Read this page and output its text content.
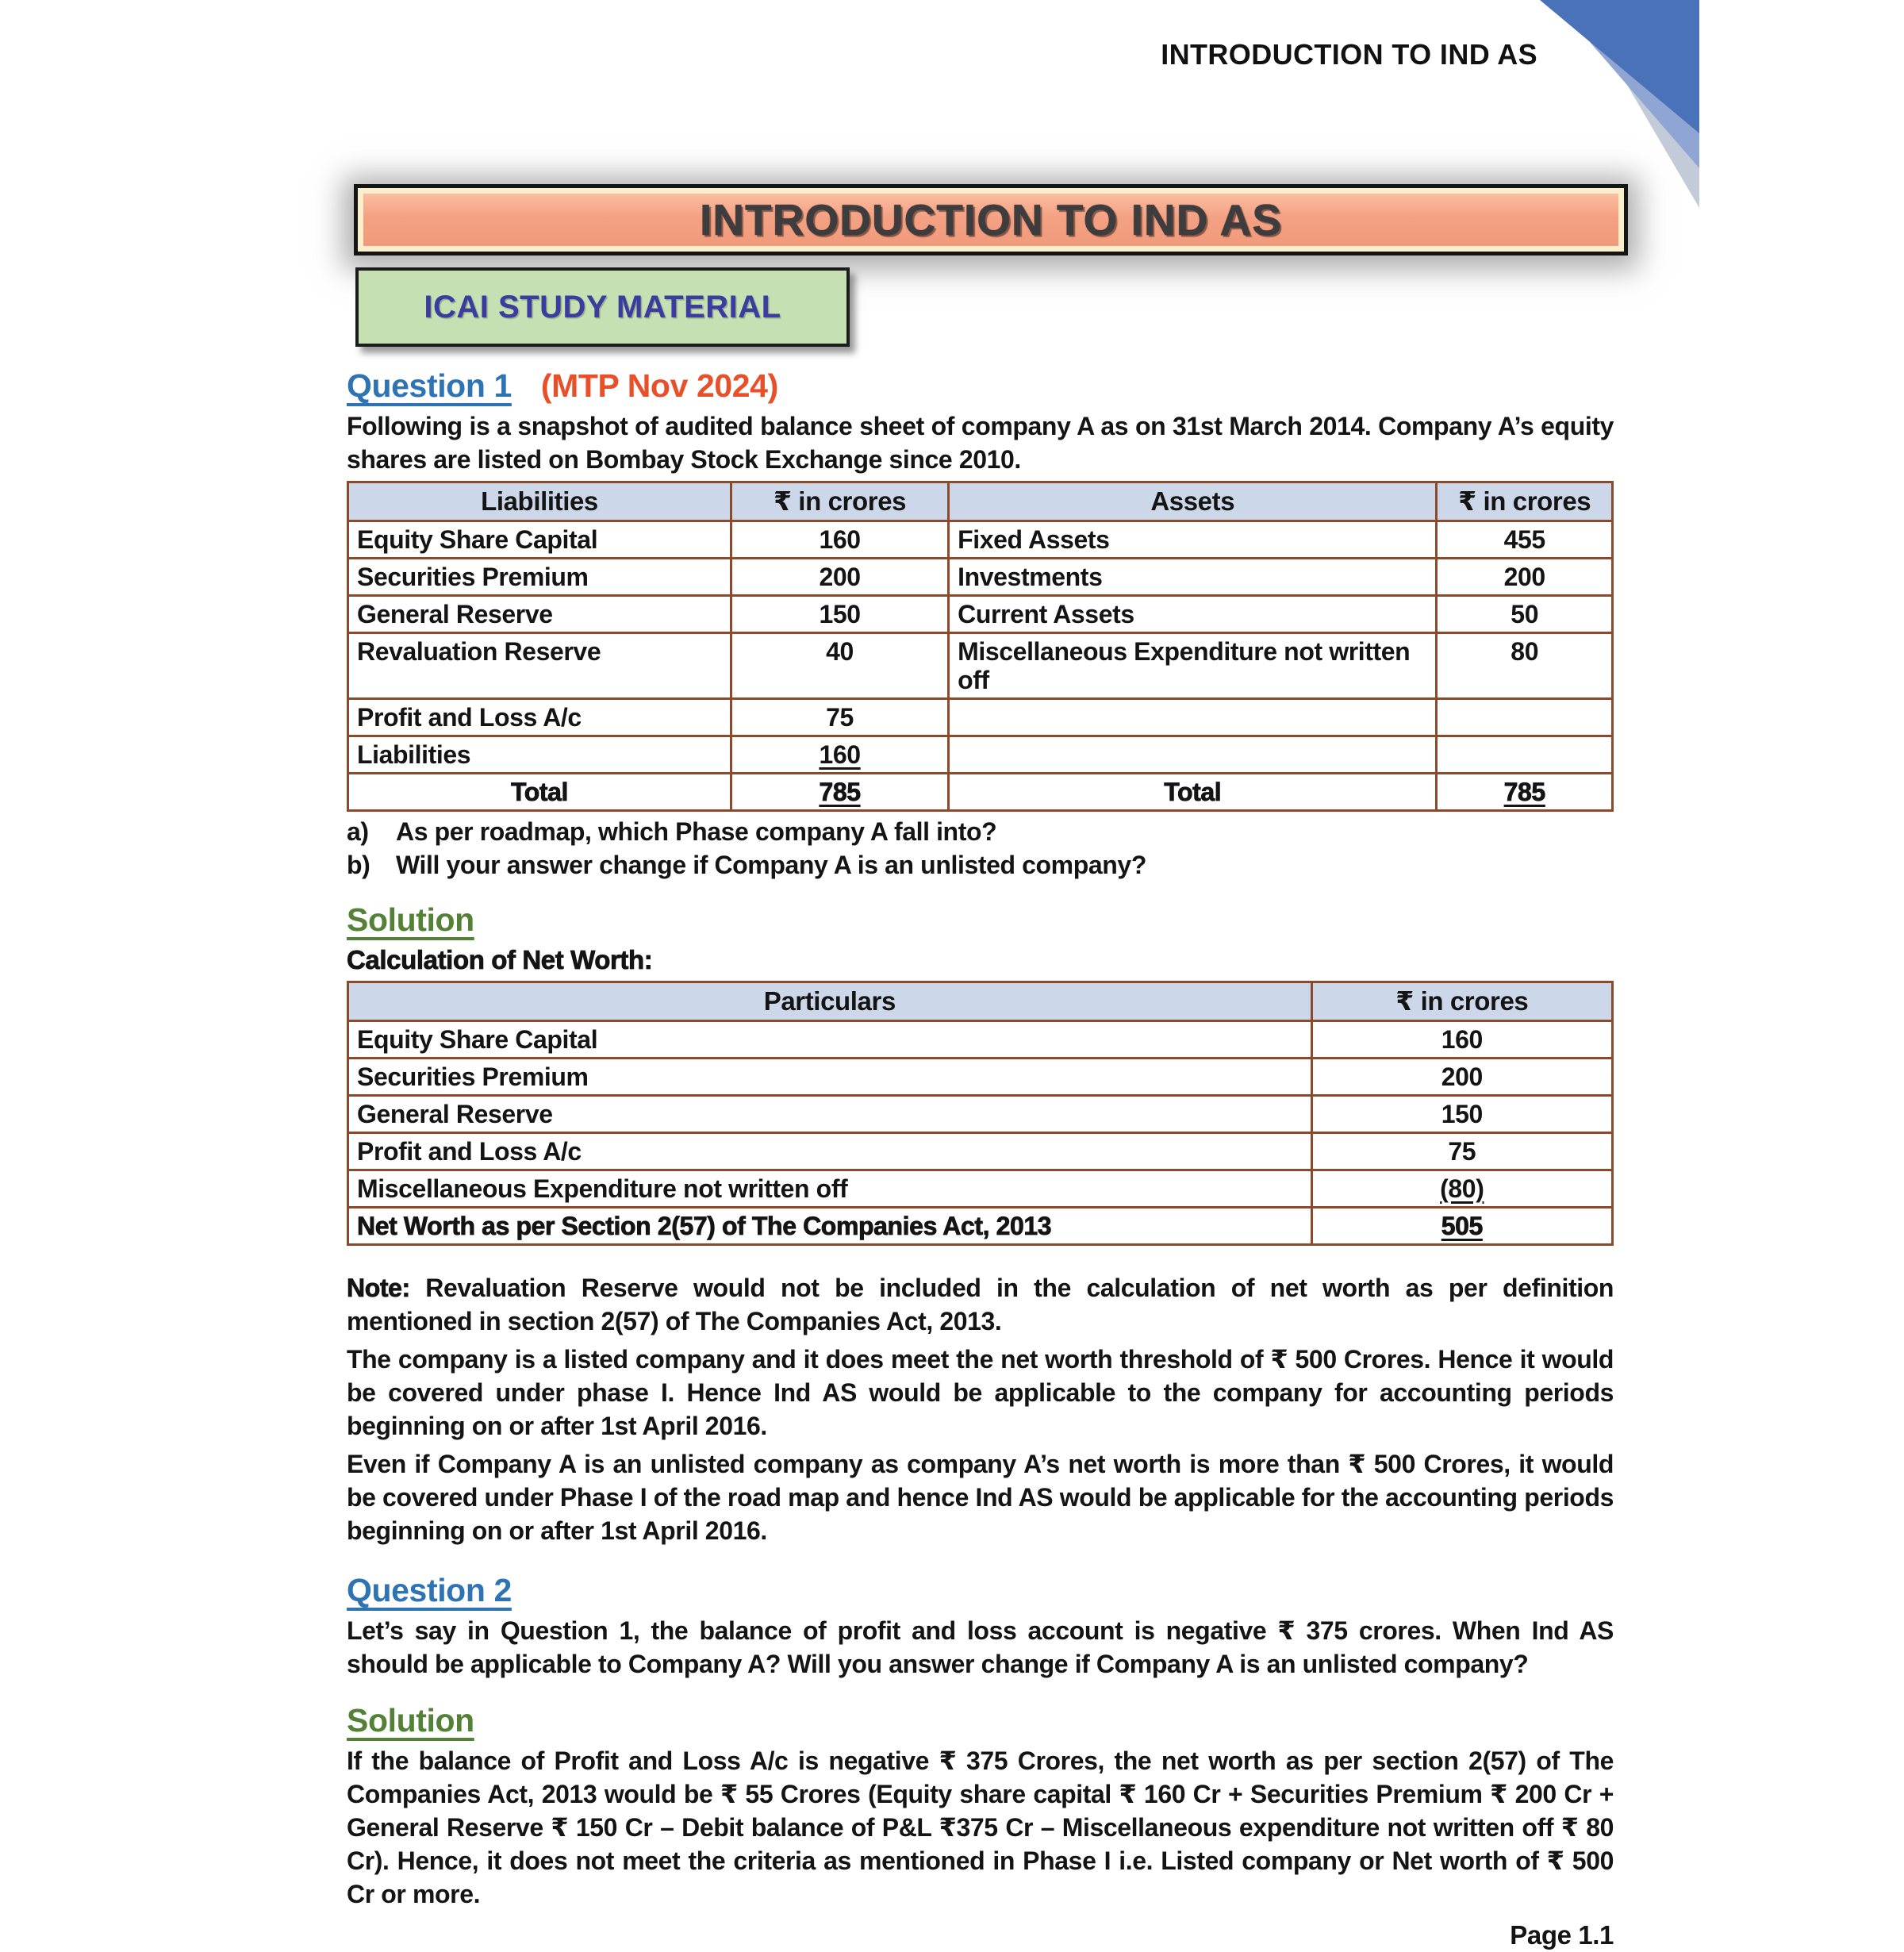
INTRODUCTION TO IND AS
INTRODUCTION TO IND AS
ICAI STUDY MATERIAL
Question 1 (MTP Nov 2024)

Following is a snapshot of audited balance sheet of company A as on 31st March 2014. Company A’s equity shares are listed on Bombay Stock Exchange since 2010.

Liabilities	₹ in crores	Assets	₹ in crores
Equity Share Capital	160	Fixed Assets	455
Securities Premium	200	Investments	200
General Reserve	150	Current Assets	50
Revaluation Reserve	40	Miscellaneous Expenditure not written off	80
Profit and Loss A/c	75		
Liabilities	160		
Total	785	Total	785
a)	As per roadmap, which Phase company A fall into?
b)	Will your answer change if Company A is an unlisted company?
Solution

Calculation of Net Worth:

Particulars	₹ in crores
Equity Share Capital	160
Securities Premium	200
General Reserve	150
Profit and Loss A/c	75
Miscellaneous Expenditure not written off	(80)
Net Worth as per Section 2(57) of The Companies Act, 2013	505

Note: Revaluation Reserve would not be included in the calculation of net worth as per definition mentioned in section 2(57) of The Companies Act, 2013.

The company is a listed company and it does meet the net worth threshold of ₹ 500 Crores. Hence it would be covered under phase I. Hence Ind AS would be applicable to the company for accounting periods beginning on or after 1st April 2016.

Even if Company A is an unlisted company as company A’s net worth is more than ₹ 500 Crores, it would be covered under Phase I of the road map and hence Ind AS would be applicable for the accounting periods beginning on or after 1st April 2016.

Question 2

Let’s say in Question 1, the balance of profit and loss account is negative ₹ 375 crores. When Ind AS should be applicable to Company A? Will you answer change if Company A is an unlisted company?

Solution

If the balance of Profit and Loss A/c is negative ₹ 375 Crores, the net worth as per section 2(57) of The Companies Act, 2013 would be ₹ 55 Crores (Equity share capital ₹ 160 Cr + Securities Premium ₹ 200 Cr + General Reserve ₹ 150 Cr – Debit balance of P&L ₹375 Cr – Miscellaneous expenditure not written off ₹ 80 Cr). Hence, it does not meet the criteria as mentioned in Phase I i.e. Listed company or Net worth of ₹ 500 Cr or more.

Page 1.1
